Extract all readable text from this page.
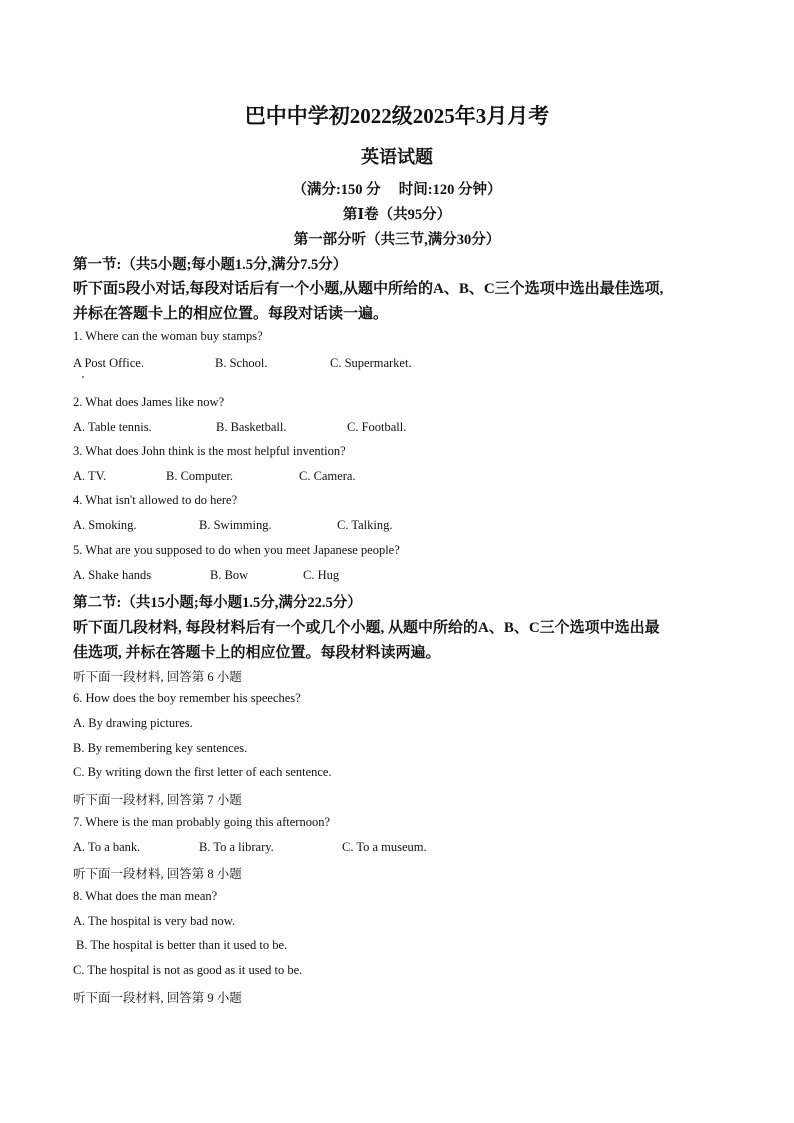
巴中中学初2022级2025年3月月考
英语试题
（满分:150 分　 时间:120 分钟）
第Ⅰ卷（共95分）
第一部分听（共三节,满分30分）
第一节:（共5小题;每小题1.5分,满分7.5分）
听下面5段小对话,每段对话后有一个小题,从题中所给的A、B、C三个选项中选出最佳选项,
并标在答题卡上的相应位置。每段对话读一遍。
1. Where can the woman buy stamps?
A Post Office.	B. School.	C. Supermarket.
2. What does James like now?
A. Table tennis.	B. Basketball.	C. Football.
3. What does John think is the most helpful invention?
A. TV.	B. Computer.	C. Camera.
4. What isn't allowed to do here?
A. Smoking.	B. Swimming.	C. Talking.
5. What are you supposed to do when you meet Japanese people?
A. Shake hands	B. Bow	C. Hug
第二节:（共15小题;每小题1.5分,满分22.5分）
听下面几段材料, 每段材料后有一个或几个小题, 从题中所给的A、B、C三个选项中选出最
佳选项, 并标在答题卡上的相应位置。每段材料读两遍。
听下面一段材料, 回答第 6 小题
6. How does the boy remember his speeches?
A. By drawing pictures.
B. By remembering key sentences.
C. By writing down the first letter of each sentence.
听下面一段材料, 回答第 7 小题
7. Where is the man probably going this afternoon?
A. To a bank.	B. To a library.	C. To a museum.
听下面一段材料, 回答第 8 小题
8. What does the man mean?
A. The hospital is very bad now.
B. The hospital is better than it used to be.
C. The hospital is not as good as it used to be.
听下面一段材料, 回答第 9 小题
